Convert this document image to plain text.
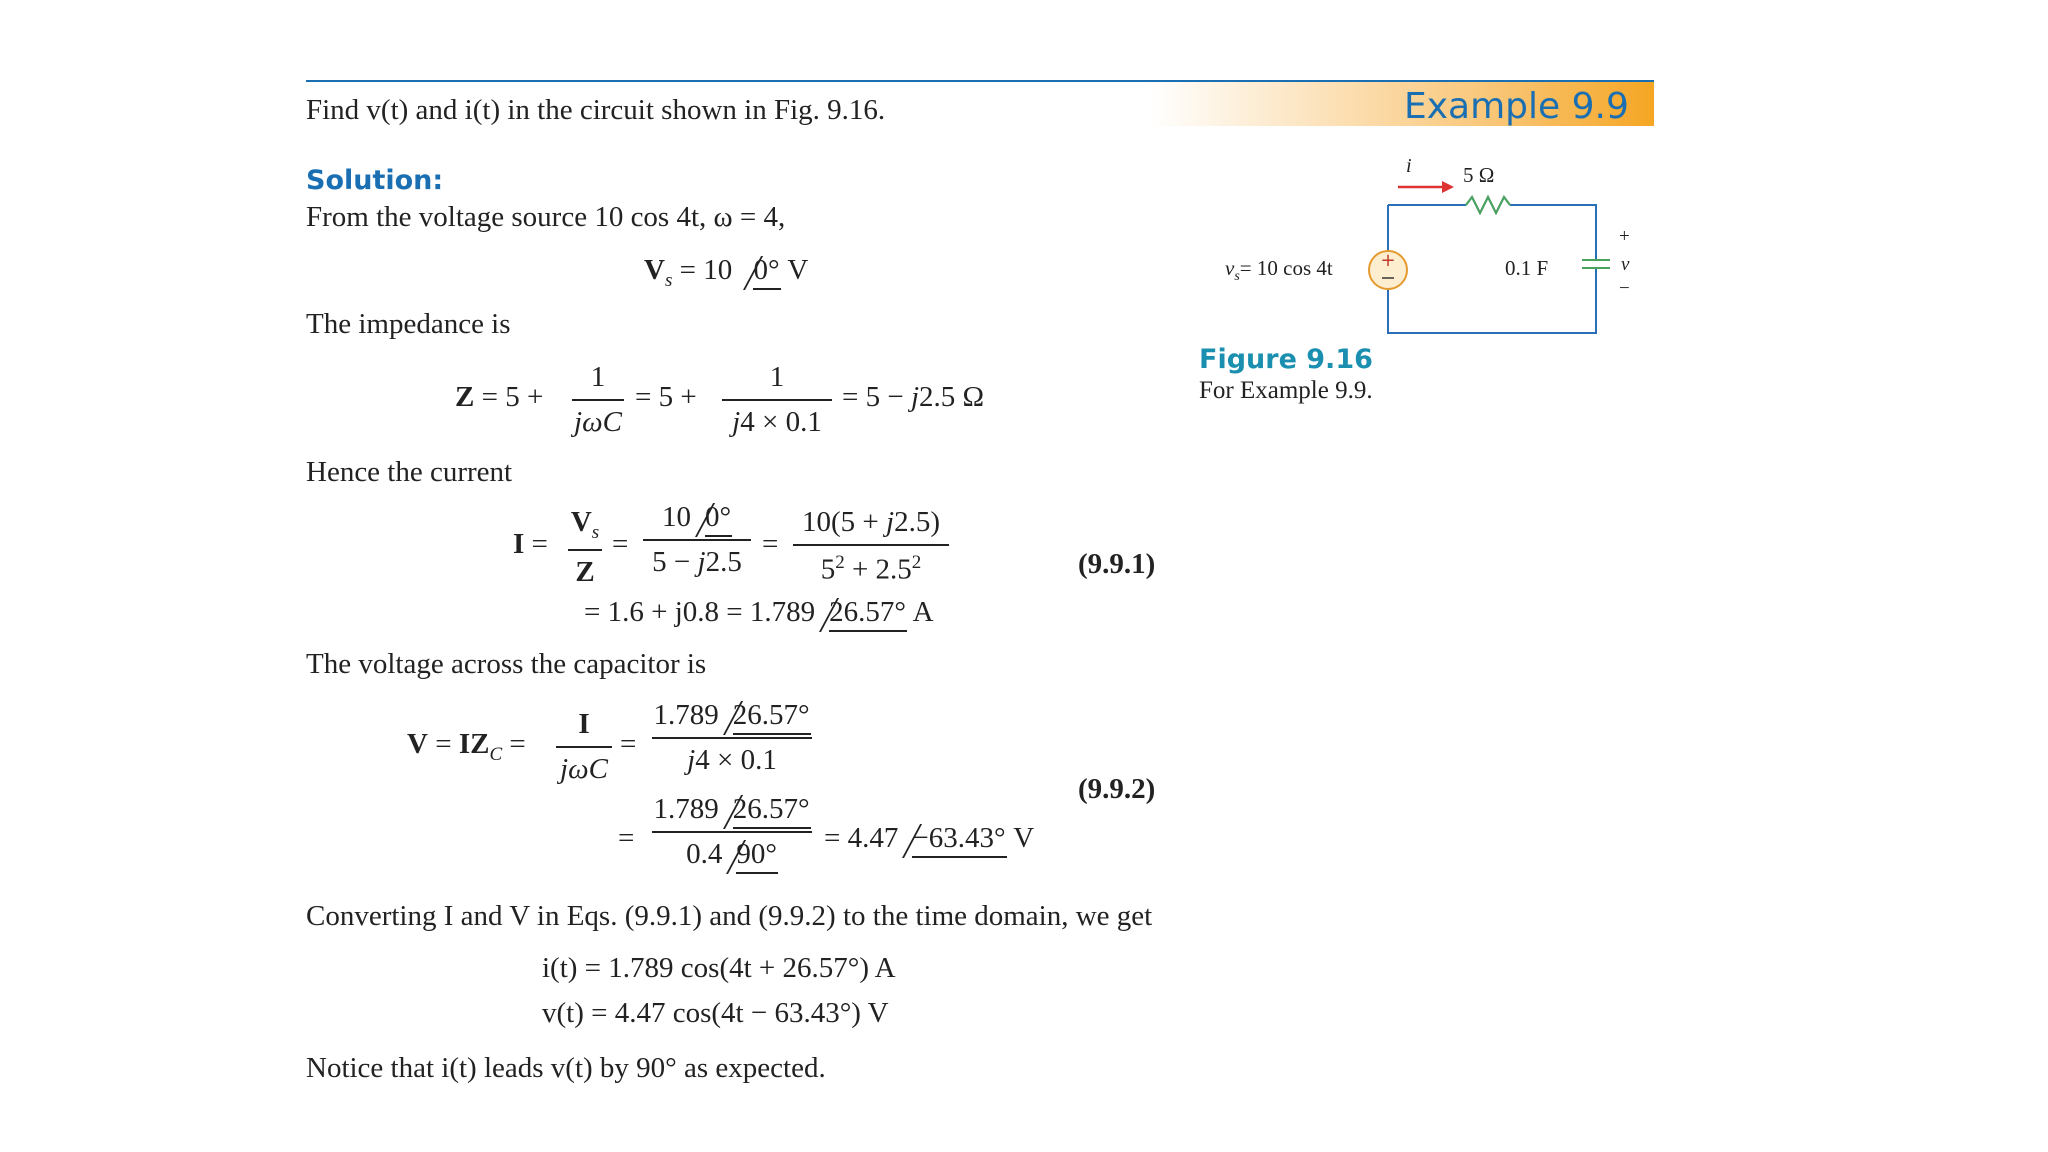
Example 9.9
Find v(t) and i(t) in the circuit shown in Fig. 9.16.
Solution:
From the voltage source 10 cos 4t, ω = 4,
$V_s = 10$ 0° V
The impedance is
Z = 5 +
1
jωC
= 5 +
1
j4 × 0.1
= 5 − j2.5 Ω
Hence the current
I =
$V_s$
Z
=
10 0°
5 − j2.5
=
10(5 + j2.5)
$5^2 + 2.5^2$	(9.9.1)
= 1.6 + j0.8 = 1.789 26.57° A
The voltage across the capacitor is
$V = IZ_C$ =
I
jωC
=
1.789 26.57°
j4 × 0.1
(9.9.2)
=
1.789 26.57°
0.4 90° = 4.47 −63.43° V
Converting I and V in Eqs. (9.9.1) and (9.9.2) to the time domain, we get
i(t) = 1.789 cos(4t + 26.57°) A
v(t) = 4.47 cos(4t − 63.43°) V
Notice that i(t) leads v(t) by 90° as expected.
+
i 5 Ω
$v_s= 10$ cos 4t	0.1 F
+
v
−
Figure 9.16
For Example 9.9.
